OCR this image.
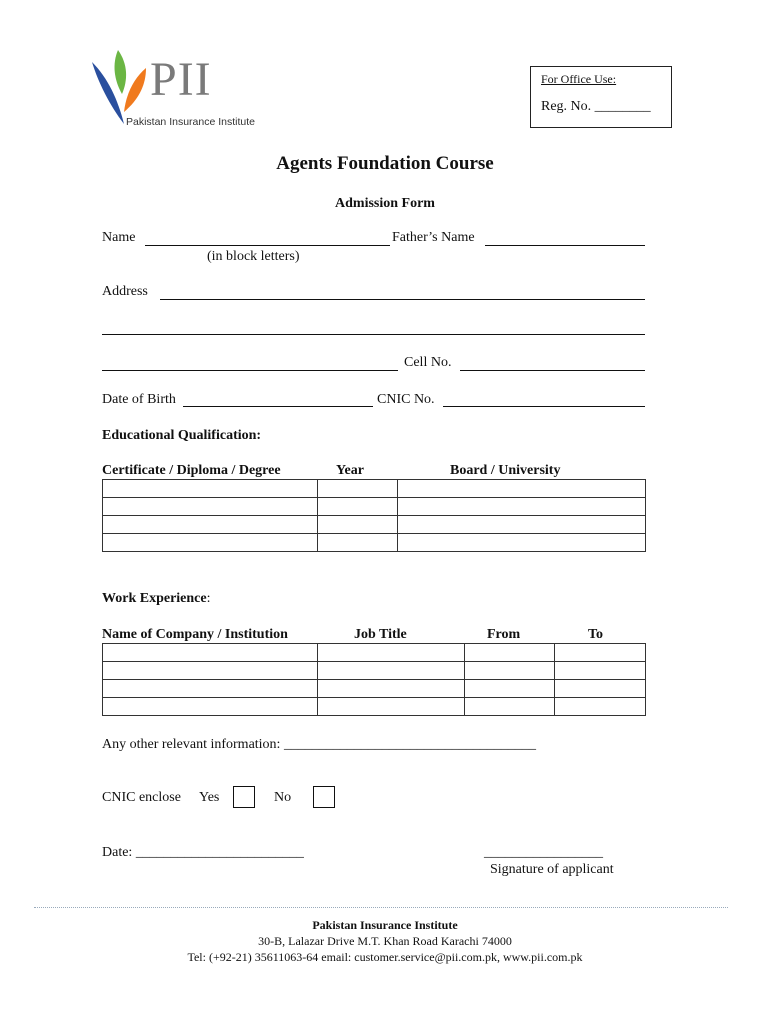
PII
Pakistan Insurance Institute
For Office Use:
Reg. No. ________
Agents Foundation Course
Admission Form
Name	Father’s Name
(in block letters)
Address
Cell No.
Date of Birth	CNIC No.
Educational Qualification:
Certificate / Diploma / Degree	Year	Board / University

Work Experience:
Name of Company / Institution	Job Title	From	To

Any other relevant information: ____________________________________
CNIC enclose Yes	No
Date: ________________________	_________________
Signature of applicant
Pakistan Insurance Institute
30-B, Lalazar Drive M.T. Khan Road Karachi 74000
Tel: (+92-21) 35611063-64 email: customer.service@pii.com.pk, www.pii.com.pk
